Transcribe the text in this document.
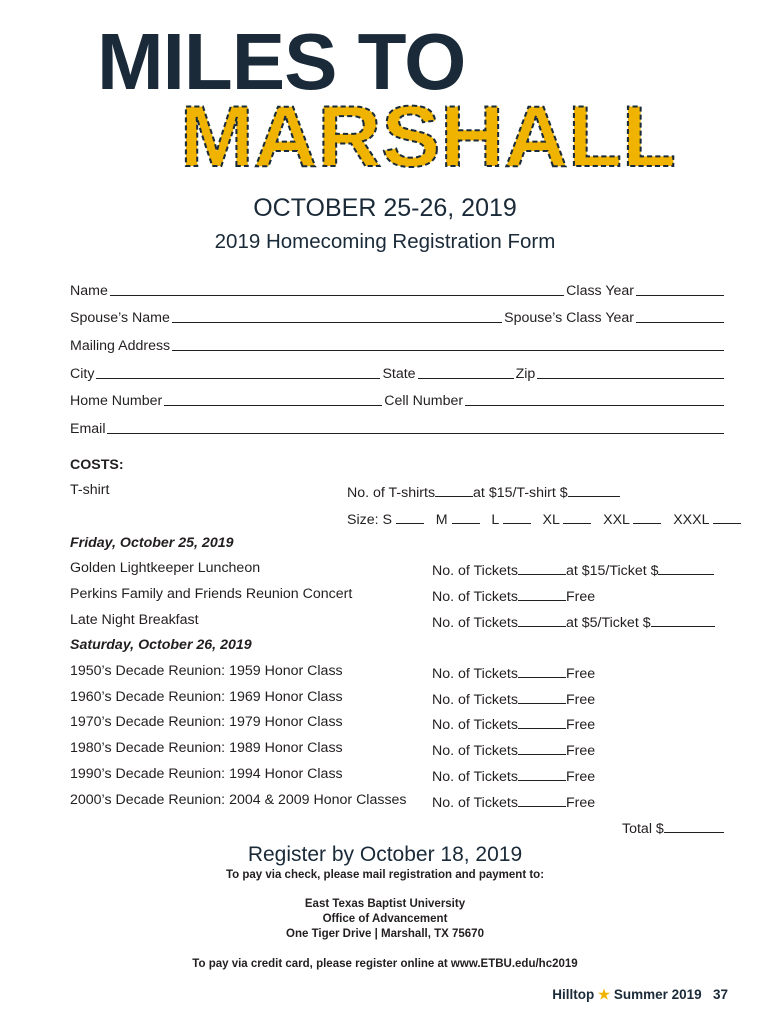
MILES TO
MARSHALL
OCTOBER 25-26, 2019
2019 Homecoming Registration Form
Name	Class Year
Spouse’s Name	Spouse’s Class Year
Mailing Address
City	State	Zip
Home Number	Cell Number
Email
COSTS:
T-shirt	No. of T-shirts	at $15/T-shirt $
Size: S	M	L	XL	XXL	XXXL
Friday, October 25, 2019
Golden Lightkeeper Luncheon	No. of Tickets	at $15/Ticket $
Perkins Family and Friends Reunion Concert	No. of Tickets	Free
Late Night Breakfast	No. of Tickets	at $5/Ticket $
Saturday, October 26, 2019
1950’s Decade Reunion: 1959 Honor Class	No. of Tickets	Free
1960’s Decade Reunion: 1969 Honor Class	No. of Tickets	Free
1970’s Decade Reunion: 1979 Honor Class	No. of Tickets	Free
1980’s Decade Reunion: 1989 Honor Class	No. of Tickets	Free
1990’s Decade Reunion: 1994 Honor Class	No. of Tickets	Free
2000’s Decade Reunion: 2004 & 2009 Honor Classes No. of Tickets	Free
Total $
Register by October 18, 2019
To pay via check, please mail registration and payment to:
East Texas Baptist University
Office of Advancement
One Tiger Drive | Marshall, TX 75670
To pay via credit card, please register online at www.ETBU.edu/hc2019
Hilltop ★ Summer 2019 37
